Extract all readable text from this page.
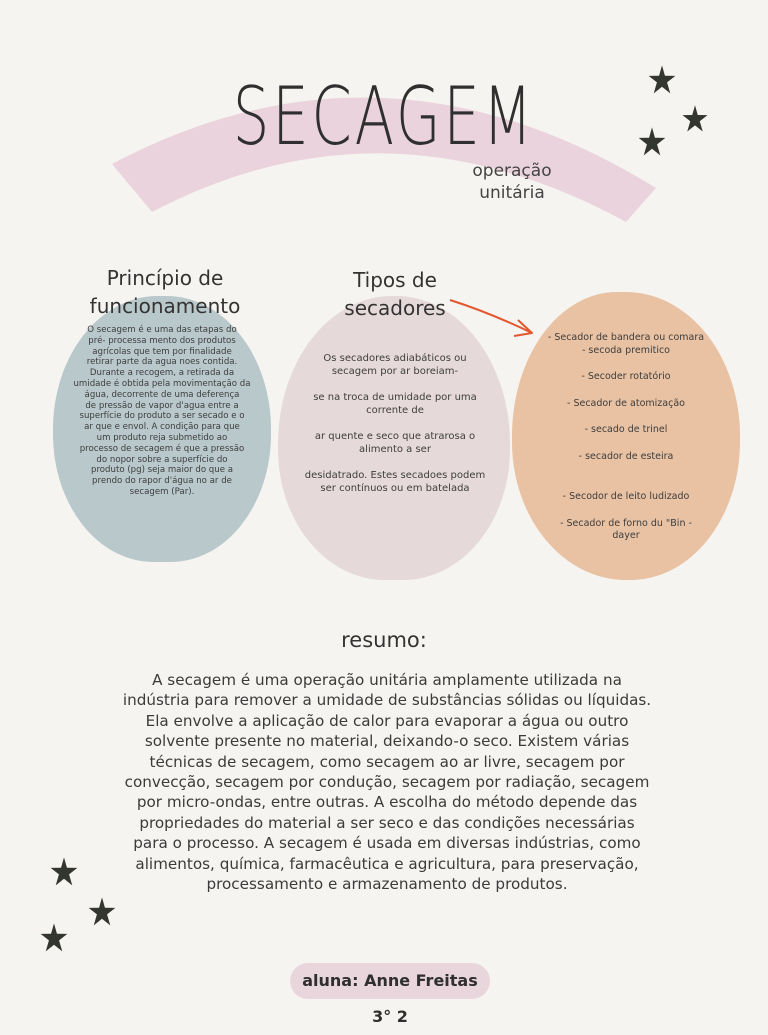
SECAGEM
operação
unitária
Princípio de
funcionamento
Tipos de
secadores
O secagem é e uma das etapas do
pré- processa mento dos produtos
agrícolas que tem por finalidade
retirar parte da agua noes contida.
Durante a recogem, a retirada da
umidade é obtida pela movimentação da
água, decorrente de uma deferença
de pressão de vapor d'agua entre a
superfície do produto a ser secado e o
ar que e envol. A condição para que
um produto reja submetido ao
processo de secagem é que a pressão
do nopor sobre a superfície do
produto (pg) seja maior do que a
prendo do rapor d'água no ar de
secagem (Par).

Os secadores adiabáticos ou secagem por ar boreiam-

se na troca de umidade por uma corrente de

ar quente e seco que atrarosa o alimento a ser

desidatrado. Estes secadoes podem ser contínuos ou em batelada

- Secador de bandera ou comara
- secoda premitico
- Secoder rotatório
- Secador de atomização
- secado de trinel
- secador de esteira
- Secodor de leito ludizado
- Secador de forno du "Bin -
dayer
resumo:
A secagem é uma operação unitária amplamente utilizada na indústria para remover a umidade de substâncias sólidas ou líquidas. Ela envolve a aplicação de calor para evaporar a água ou outro solvente presente no material, deixando-o seco. Existem várias técnicas de secagem, como secagem ao ar livre, secagem por convecção, secagem por condução, secagem por radiação, secagem por micro-ondas, entre outras. A escolha do método depende das propriedades do material a ser seco e das condições necessárias para o processo. A secagem é usada em diversas indústrias, como alimentos, química, farmacêutica e agricultura, para preservação, processamento e armazenamento de produtos.
aluna: Anne Freitas 3° 2
